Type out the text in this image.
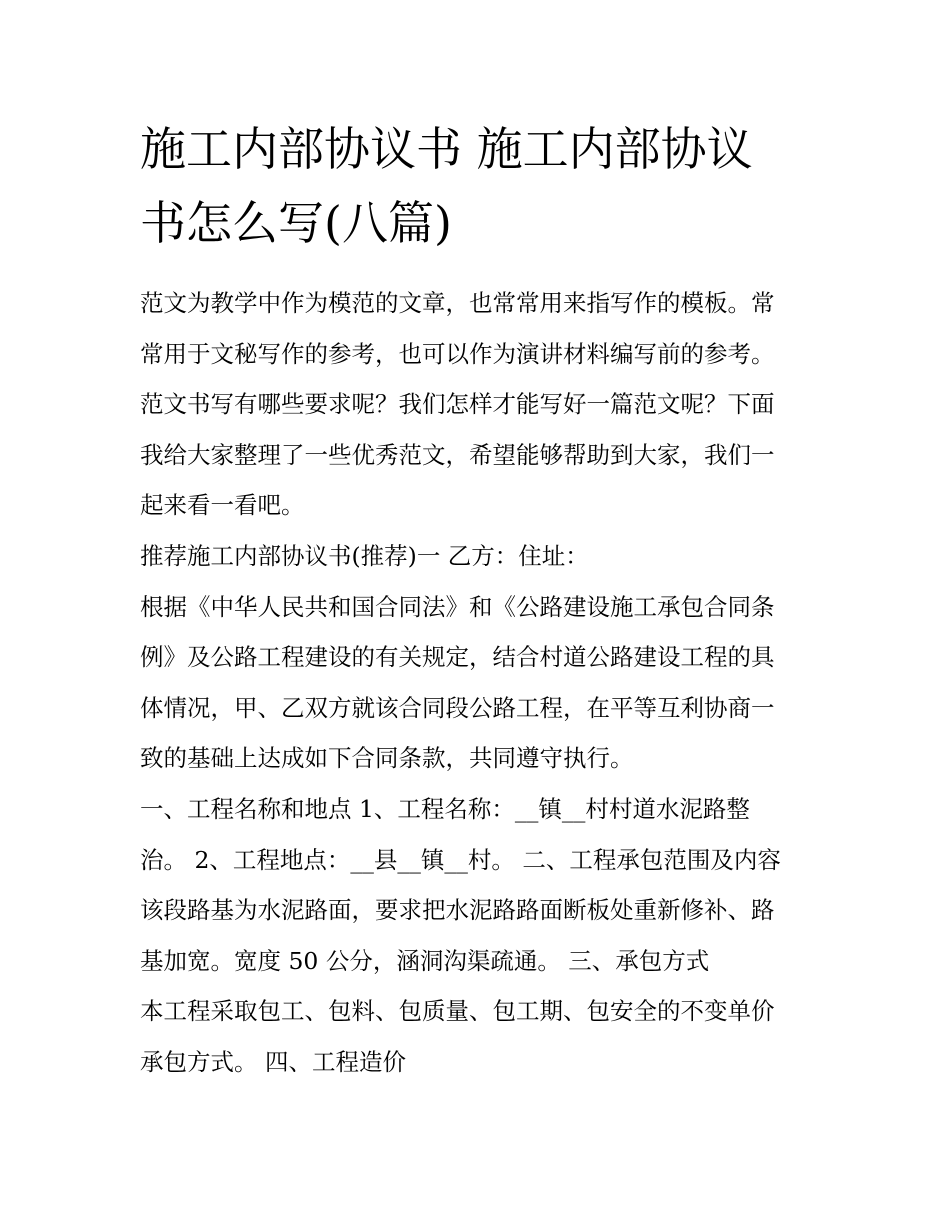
施工内部协议书 施工内部协议
书怎么写(八篇)
范文为教学中作为模范的文章，也常常用来指写作的模板。常
常用于文秘写作的参考，也可以作为演讲材料编写前的参考。
范文书写有哪些要求呢？我们怎样才能写好一篇范文呢？下面
我给大家整理了一些优秀范文，希望能够帮助到大家，我们一
起来看一看吧。
推荐施工内部协议书(推荐)一 乙方：住址：
根据《中华人民共和国合同法》和《公路建设施工承包合同条
例》及公路工程建设的有关规定，结合村道公路建设工程的具
体情况，甲、乙双方就该合同段公路工程，在平等互利协商一
致的基础上达成如下合同条款，共同遵守执行。
一、工程名称和地点 1、工程名称：__镇__村村道水泥路整
治。 2、工程地点：__县__镇__村。 二、工程承包范围及内容
该段路基为水泥路面，要求把水泥路路面断板处重新修补、路
基加宽。宽度 50 公分，涵洞沟渠疏通。 三、承包方式
本工程采取包工、包料、包质量、包工期、包安全的不变单价
承包方式。 四、工程造价
